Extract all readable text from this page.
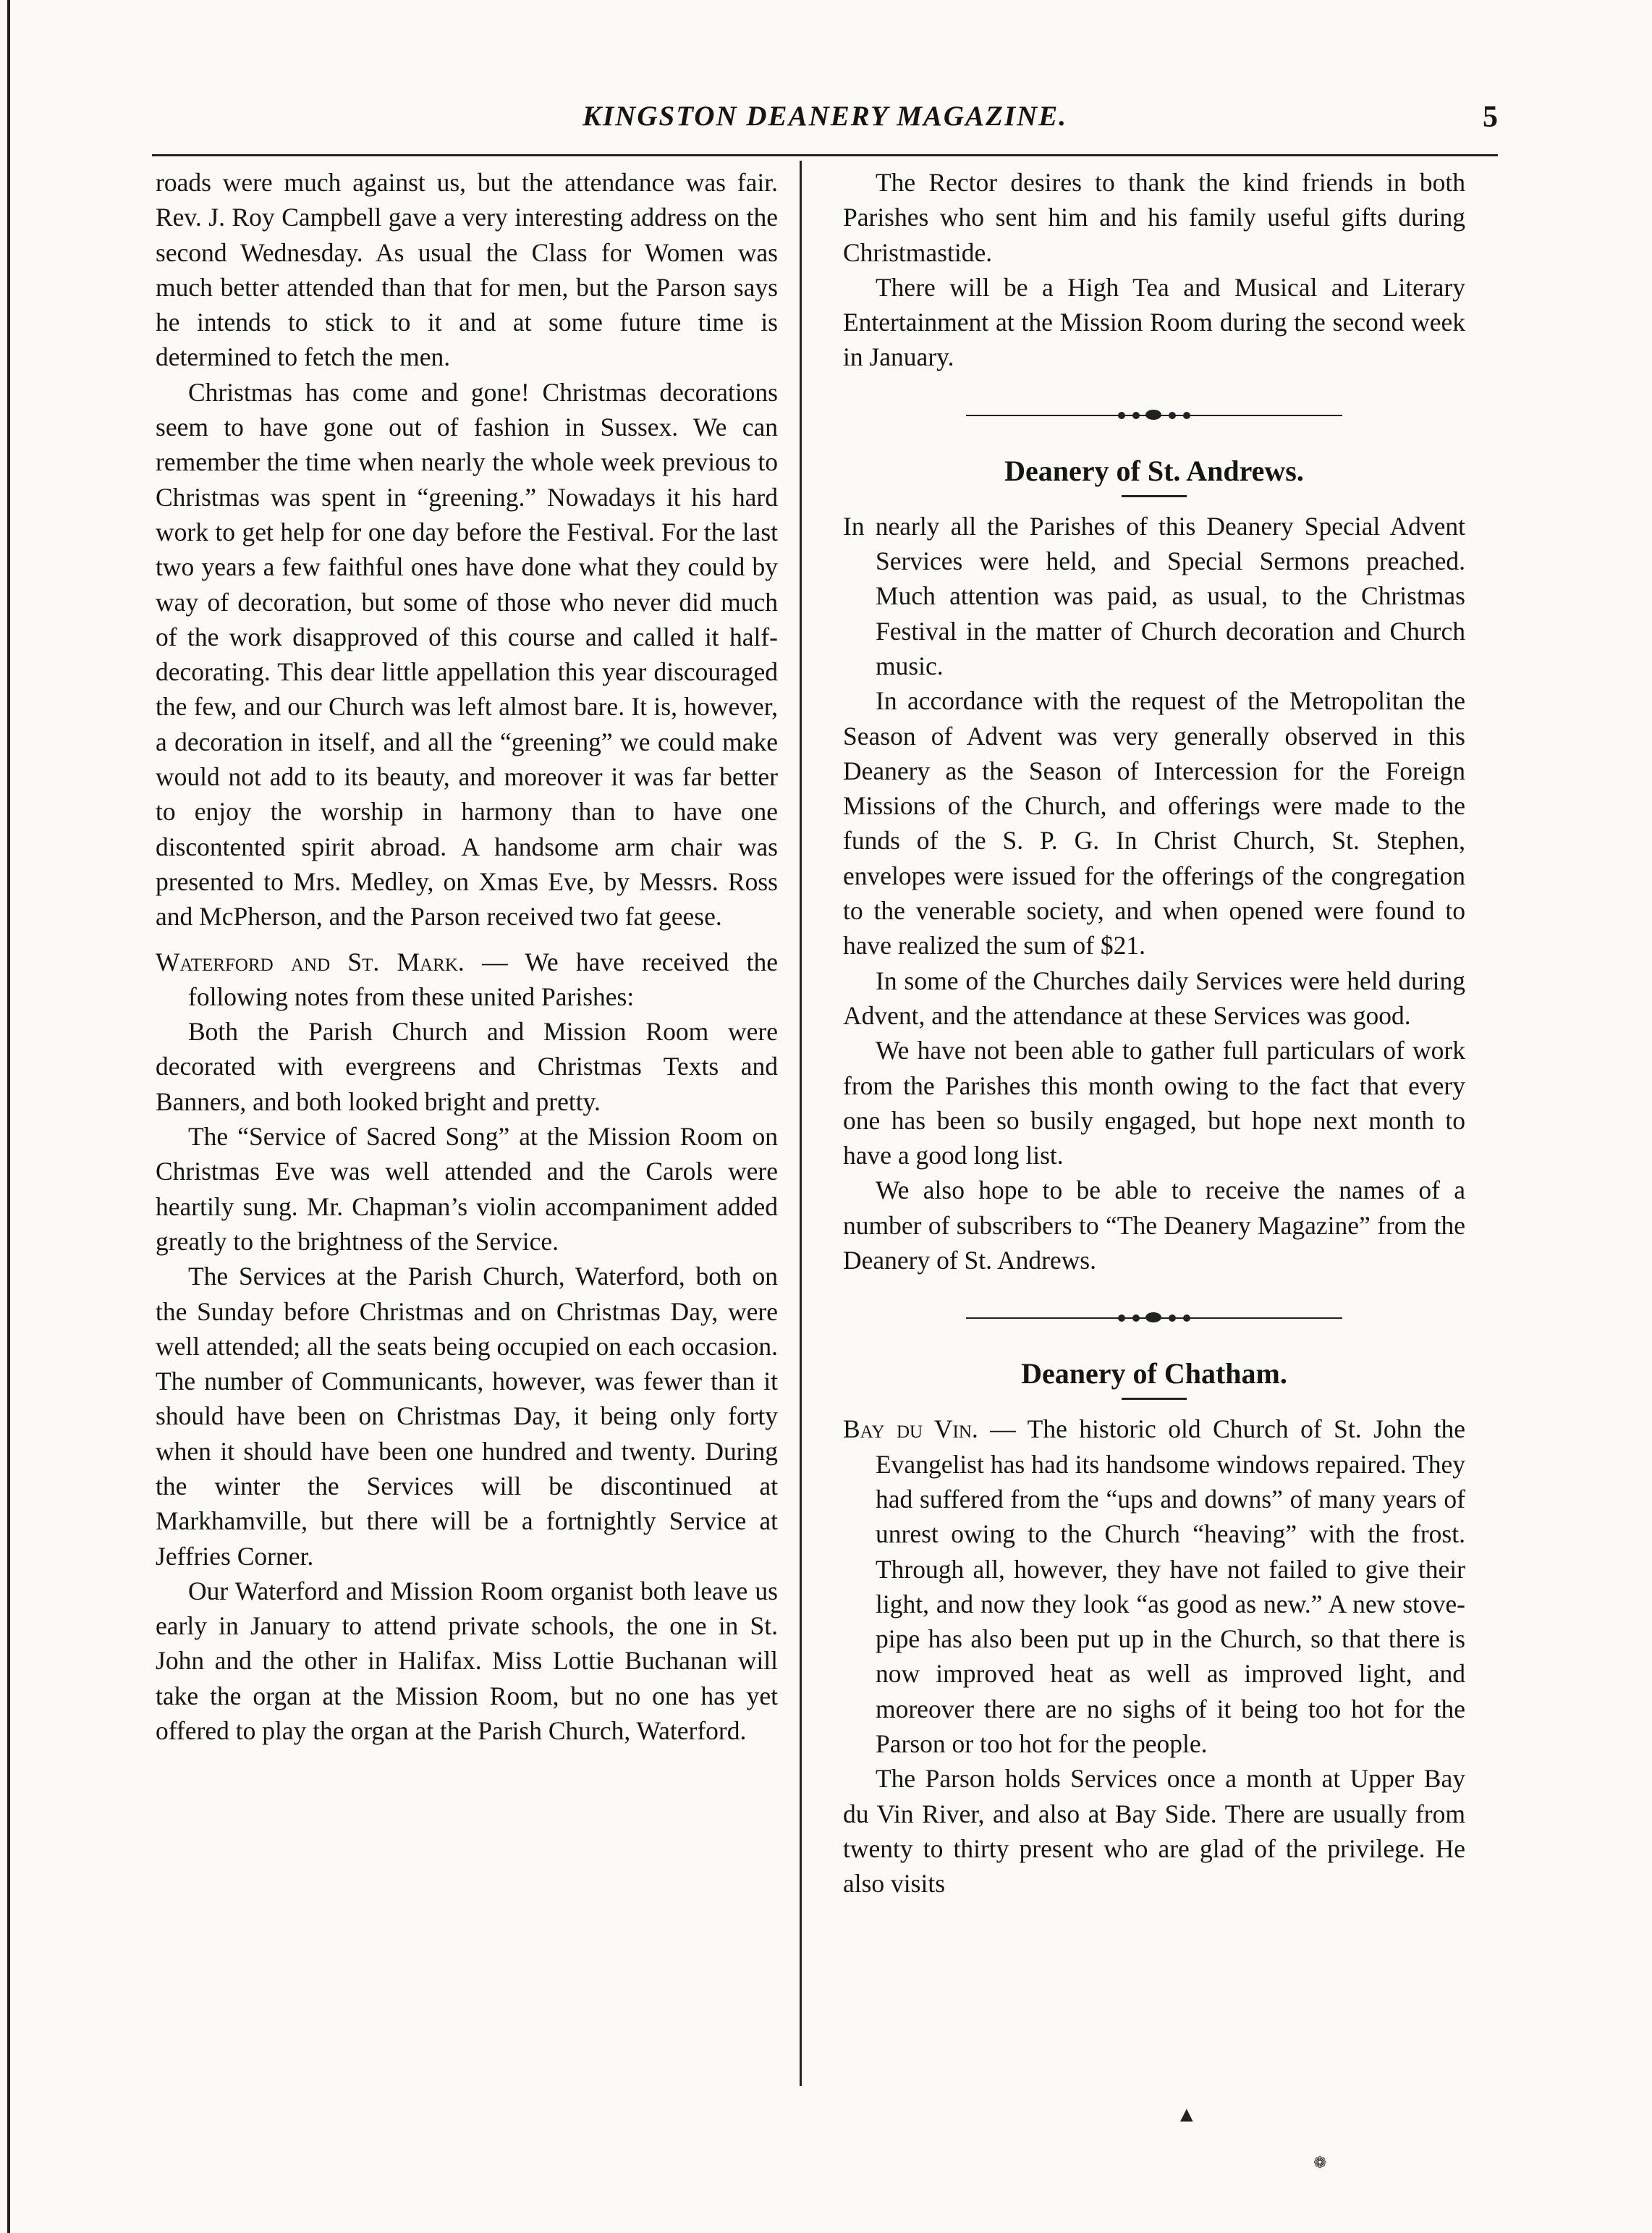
KINGSTON DEANERY MAGAZINE.	5

roads were much against us, but the attendance was fair. Rev. J. Roy Campbell gave a very interesting address on the second Wednesday. As usual the Class for Women was much better attended than that for men, but the Parson says he intends to stick to it and at some future time is determined to fetch the men.

Christmas has come and gone! Christmas decorations seem to have gone out of fashion in Sussex. We can remember the time when nearly the whole week previous to Christmas was spent in “greening.” Nowadays it his hard work to get help for one day before the Festival. For the last two years a few faithful ones have done what they could by way of decoration, but some of those who never did much of the work disapproved of this course and called it half-decorating. This dear little appellation this year discouraged the few, and our Church was left almost bare. It is, however, a decoration in itself, and all the “greening” we could make would not add to its beauty, and moreover it was far better to enjoy the worship in harmony than to have one discontented spirit abroad. A handsome arm chair was presented to Mrs. Medley, on Xmas Eve, by Messrs. Ross and McPherson, and the Parson received two fat geese.

Waterford and St. Mark. — We have received the following notes from these united Parishes:

Both the Parish Church and Mission Room were decorated with evergreens and Christmas Texts and Banners, and both looked bright and pretty.

The “Service of Sacred Song” at the Mission Room on Christmas Eve was well attended and the Carols were heartily sung. Mr. Chapman’s violin accompaniment added greatly to the brightness of the Service.

The Services at the Parish Church, Waterford, both on the Sunday before Christmas and on Christmas Day, were well attended; all the seats being occupied on each occasion. The number of Communicants, however, was fewer than it should have been on Christmas Day, it being only forty when it should have been one hundred and twenty. During the winter the Services will be discontinued at Markhamville, but there will be a fortnightly Service at Jeffries Corner.

Our Waterford and Mission Room organist both leave us early in January to attend private schools, the one in St. John and the other in Halifax. Miss Lottie Buchanan will take the organ at the Mission Room, but no one has yet offered to play the organ at the Parish Church, Waterford.

The Rector desires to thank the kind friends in both Parishes who sent him and his family useful gifts during Christmastide.

There will be a High Tea and Musical and Literary Entertainment at the Mission Room during the second week in January.

Deanery of St. Andrews.

In nearly all the Parishes of this Deanery Special Advent Services were held, and Special Sermons preached. Much attention was paid, as usual, to the Christmas Festival in the matter of Church decoration and Church music.

In accordance with the request of the Metropolitan the Season of Advent was very generally observed in this Deanery as the Season of Intercession for the Foreign Missions of the Church, and offerings were made to the funds of the S. P. G. In Christ Church, St. Stephen, envelopes were issued for the offerings of the congregation to the venerable society, and when opened were found to have realized the sum of $21.

In some of the Churches daily Services were held during Advent, and the attendance at these Services was good.

We have not been able to gather full particulars of work from the Parishes this month owing to the fact that every one has been so busily engaged, but hope next month to have a good long list.

We also hope to be able to receive the names of a number of subscribers to “The Deanery Magazine” from the Deanery of St. Andrews.

Deanery of Chatham.

Bay du Vin. — The historic old Church of St. John the Evangelist has had its handsome windows repaired. They had suffered from the “ups and downs” of many years of unrest owing to the Church “heaving” with the frost. Through all, however, they have not failed to give their light, and now they look “as good as new.” A new stove-pipe has also been put up in the Church, so that there is now improved heat as well as improved light, and moreover there are no sighs of it being too hot for the Parson or too hot for the people.

The Parson holds Services once a month at Upper Bay du Vin River, and also at Bay Side. There are usually from twenty to thirty present who are glad of the privilege. He also visits

▲
❁
